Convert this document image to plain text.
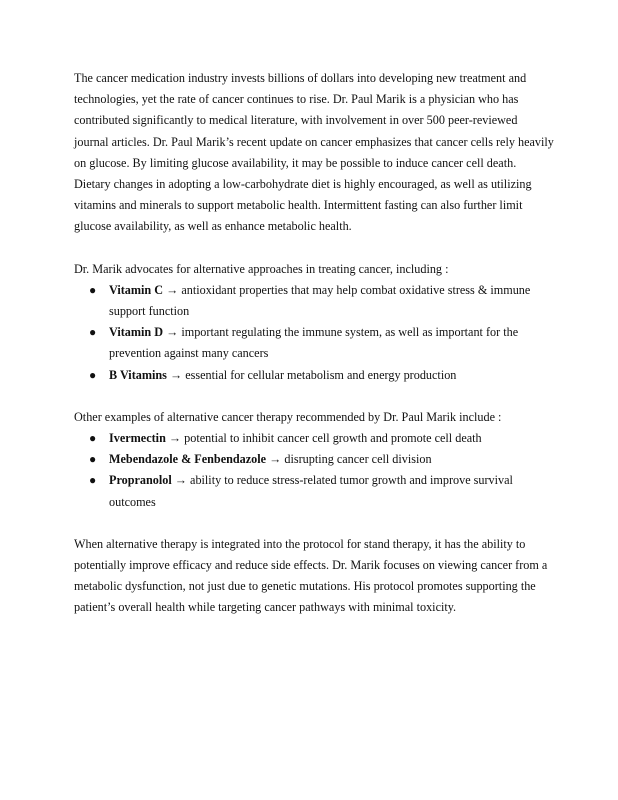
The cancer medication industry invests billions of dollars into developing new treatment and technologies, yet the rate of cancer continues to rise. Dr. Paul Marik is a physician who has contributed significantly to medical literature, with involvement in over 500 peer-reviewed journal articles. Dr. Paul Marik’s recent update on cancer emphasizes that cancer cells rely heavily on glucose. By limiting glucose availability, it may be possible to induce cancer cell death. Dietary changes in adopting a low-carbohydrate diet is highly encouraged, as well as utilizing vitamins and minerals to support metabolic health. Intermittent fasting can also further limit glucose availability, as well as enhance metabolic health.

Dr. Marik advocates for alternative approaches in treating cancer, including :

● Vitamin C → antioxidant properties that may help combat oxidative stress & immune support function
● Vitamin D → important regulating the immune system, as well as important for the prevention against many cancers
● B Vitamins → essential for cellular metabolism and energy production

Other examples of alternative cancer therapy recommended by Dr. Paul Marik include :

● Ivermectin → potential to inhibit cancer cell growth and promote cell death
● Mebendazole & Fenbendazole → disrupting cancer cell division
● Propranolol → ability to reduce stress-related tumor growth and improve survival outcomes

When alternative therapy is integrated into the protocol for stand therapy, it has the ability to potentially improve efficacy and reduce side effects. Dr. Marik focuses on viewing cancer from a metabolic dysfunction, not just due to genetic mutations. His protocol promotes supporting the patient’s overall health while targeting cancer pathways with minimal toxicity.
